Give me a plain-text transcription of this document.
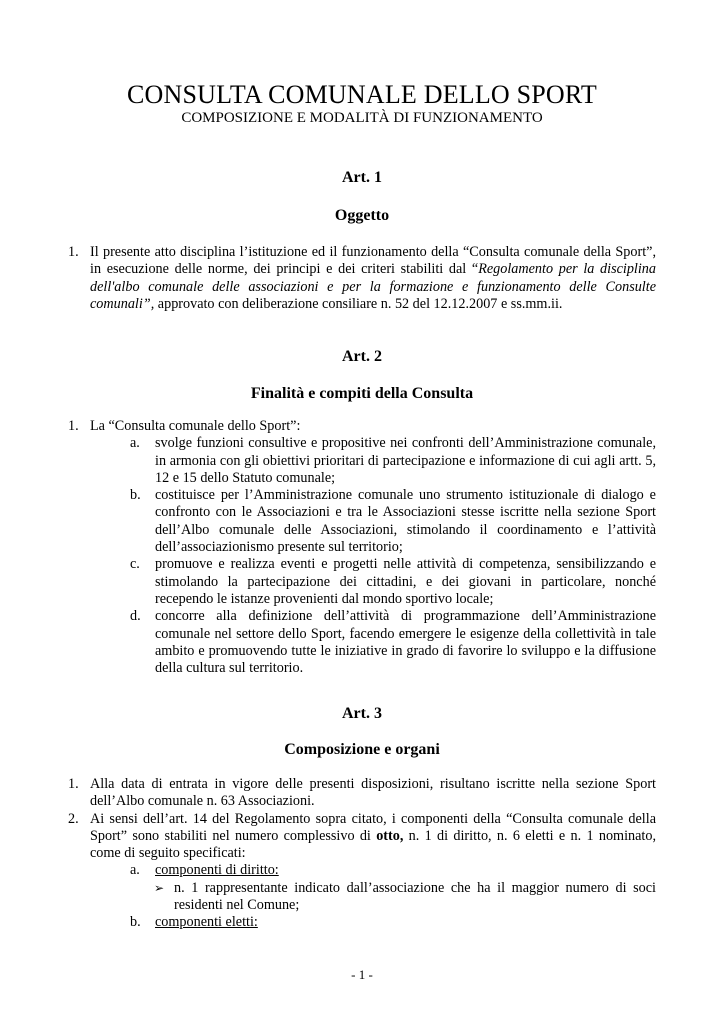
CONSULTA COMUNALE DELLO SPORT
COMPOSIZIONE E MODALITÀ DI FUNZIONAMENTO
Art. 1
Oggetto
1. Il presente atto disciplina l’istituzione ed il funzionamento della “Consulta comunale della Sport”, in esecuzione delle norme, dei principi e dei criteri stabiliti dal “Regolamento per la disciplina dell'albo comunale delle associazioni e per la formazione e funzionamento delle Consulte comunali”, approvato con deliberazione consiliare n. 52 del 12.12.2007 e ss.mm.ii.
Art. 2
Finalità e compiti della Consulta
1. La “Consulta comunale dello Sport”:
a.	svolge funzioni consultive e propositive nei confronti dell’Amministrazione comunale, in armonia con gli obiettivi prioritari di partecipazione e informazione di cui agli artt. 5, 12 e 15 dello Statuto comunale;
b.	costituisce per l’Amministrazione comunale uno strumento istituzionale di dialogo e confronto con le Associazioni e tra le Associazioni stesse iscritte nella sezione Sport dell’Albo comunale delle Associazioni, stimolando il coordinamento e l’attività dell’associazionismo presente sul territorio;
c.	promuove e realizza eventi e progetti nelle attività di competenza, sensibilizzando e stimolando la partecipazione dei cittadini, e dei giovani in particolare, nonché recependo le istanze provenienti dal mondo sportivo locale;
d.	concorre alla definizione dell’attività di programmazione dell’Amministrazione comunale nel settore dello Sport, facendo emergere le esigenze della collettività in tale ambito e promuovendo tutte le iniziative in grado di favorire lo sviluppo e la diffusione della cultura sul territorio.
Art. 3
Composizione e organi
1. Alla data di entrata in vigore delle presenti disposizioni, risultano iscritte nella sezione Sport dell’Albo comunale n. 63 Associazioni.
2. Ai sensi dell’art. 14 del Regolamento sopra citato, i componenti della “Consulta comunale della Sport” sono stabiliti nel numero complessivo di otto, n. 1 di diritto, n. 6 eletti e n. 1 nominato, come di seguito specificati:
a.	componenti di diritto:
➢ n. 1 rappresentante indicato dall’associazione che ha il maggior numero di soci residenti nel Comune;
b.	componenti eletti:
- 1 -
